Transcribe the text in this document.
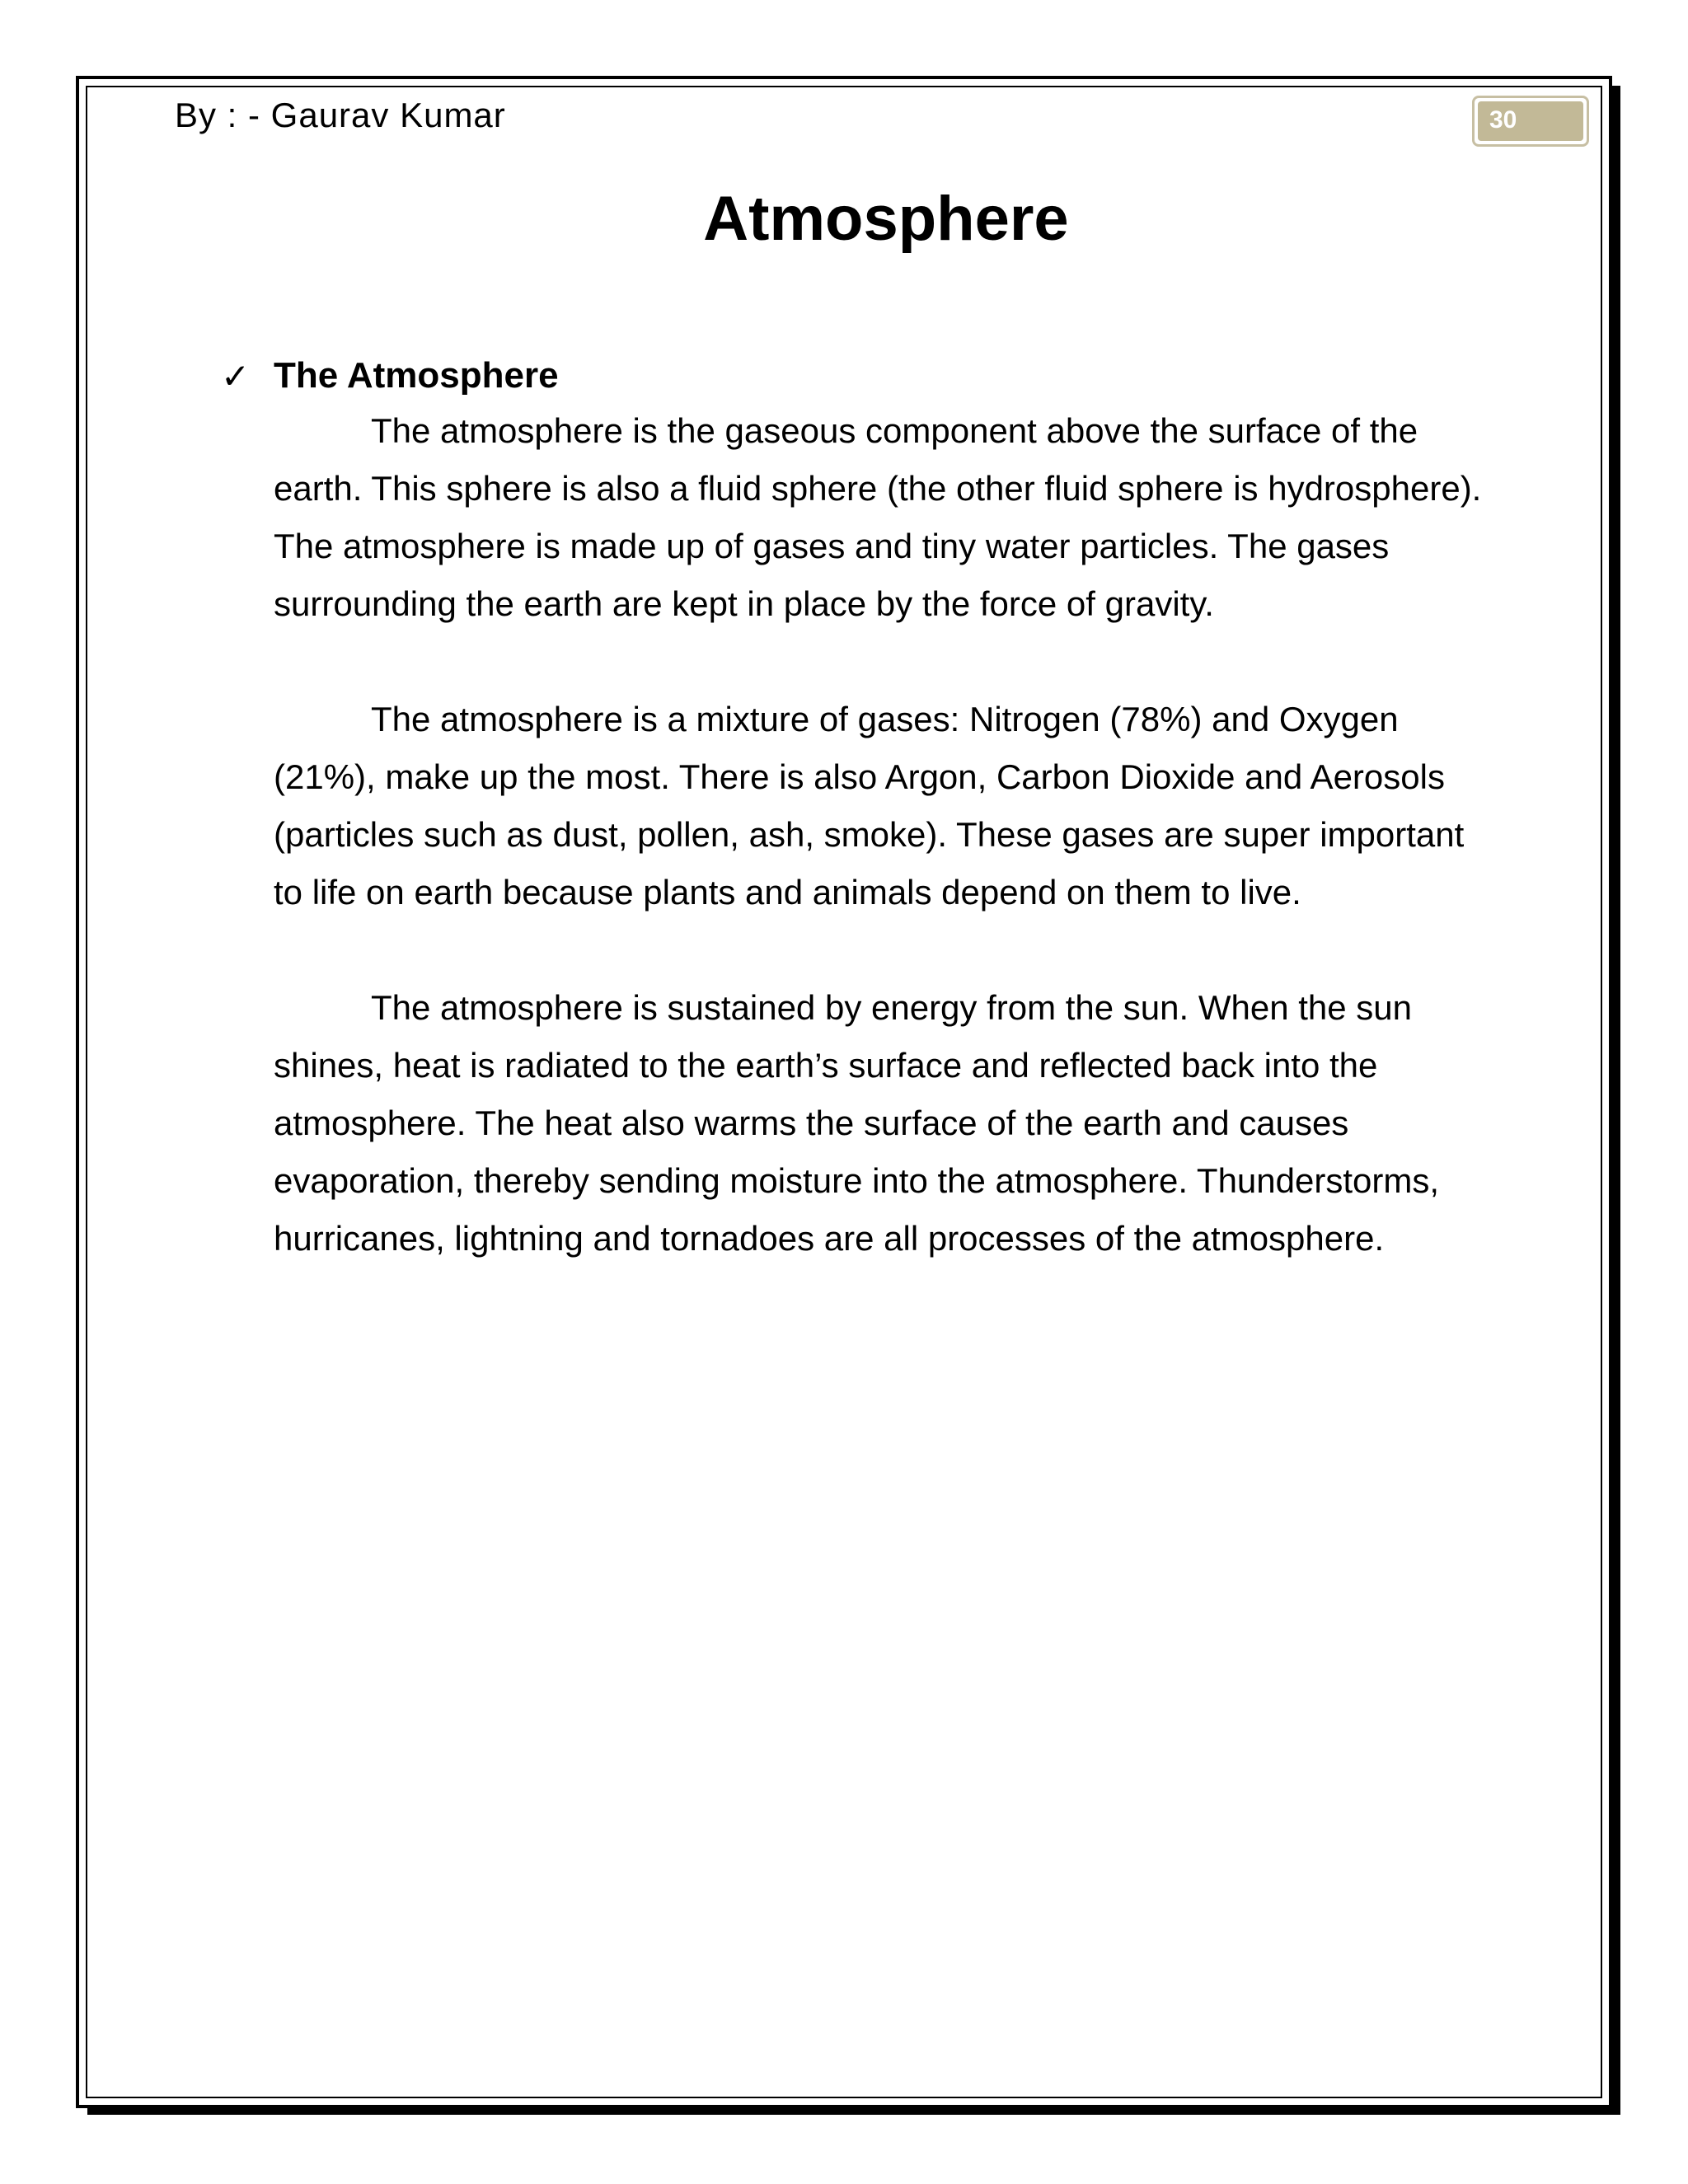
By : - Gaurav Kumar	30
Atmosphere
✓ The Atmosphere

The atmosphere is the gaseous component above the surface of the earth. This sphere is also a fluid sphere (the other fluid sphere is hydrosphere). The atmosphere is made up of gases and tiny water particles. The gases surrounding the earth are kept in place by the force of gravity.

The atmosphere is a mixture of gases: Nitrogen (78%) and Oxygen (21%), make up the most. There is also Argon, Carbon Dioxide and Aerosols (particles such as dust, pollen, ash, smoke). These gases are super important to life on earth because plants and animals depend on them to live.

The atmosphere is sustained by energy from the sun. When the sun shines, heat is radiated to the earth’s surface and reflected back into the atmosphere. The heat also warms the surface of the earth and causes evaporation, thereby sending moisture into the atmosphere. Thunderstorms, hurricanes, lightning and tornadoes are all processes of the atmosphere.
